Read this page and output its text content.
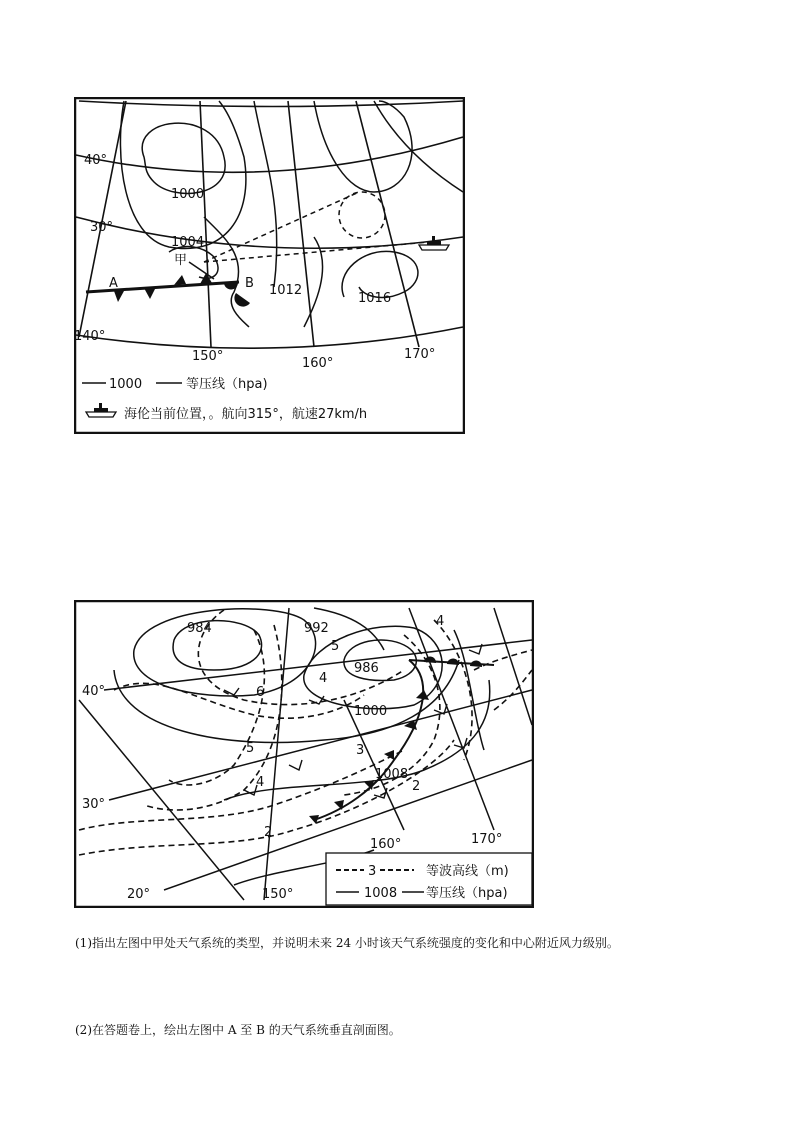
40°
30°
140°
150°	160°
170°
1000
1004
1012
1016
A	B
甲
1000	等压线（hpa)
海伦当前位置，。航向315°，航速27km/h
40°
30°
20°	150°
160°	170°
984	992
986
1000
1008
5
4
6
5	3
4
2
2
4
3	等波高线（m)
1008 等压线（hpa)
(1)指出左图中甲处天气系统的类型，并说明未来 24 小时该天气系统强度的变化和中心附近风力级别。
(2)在答题卷上，绘出左图中 A 至 B 的天气系统垂直剖面图。
